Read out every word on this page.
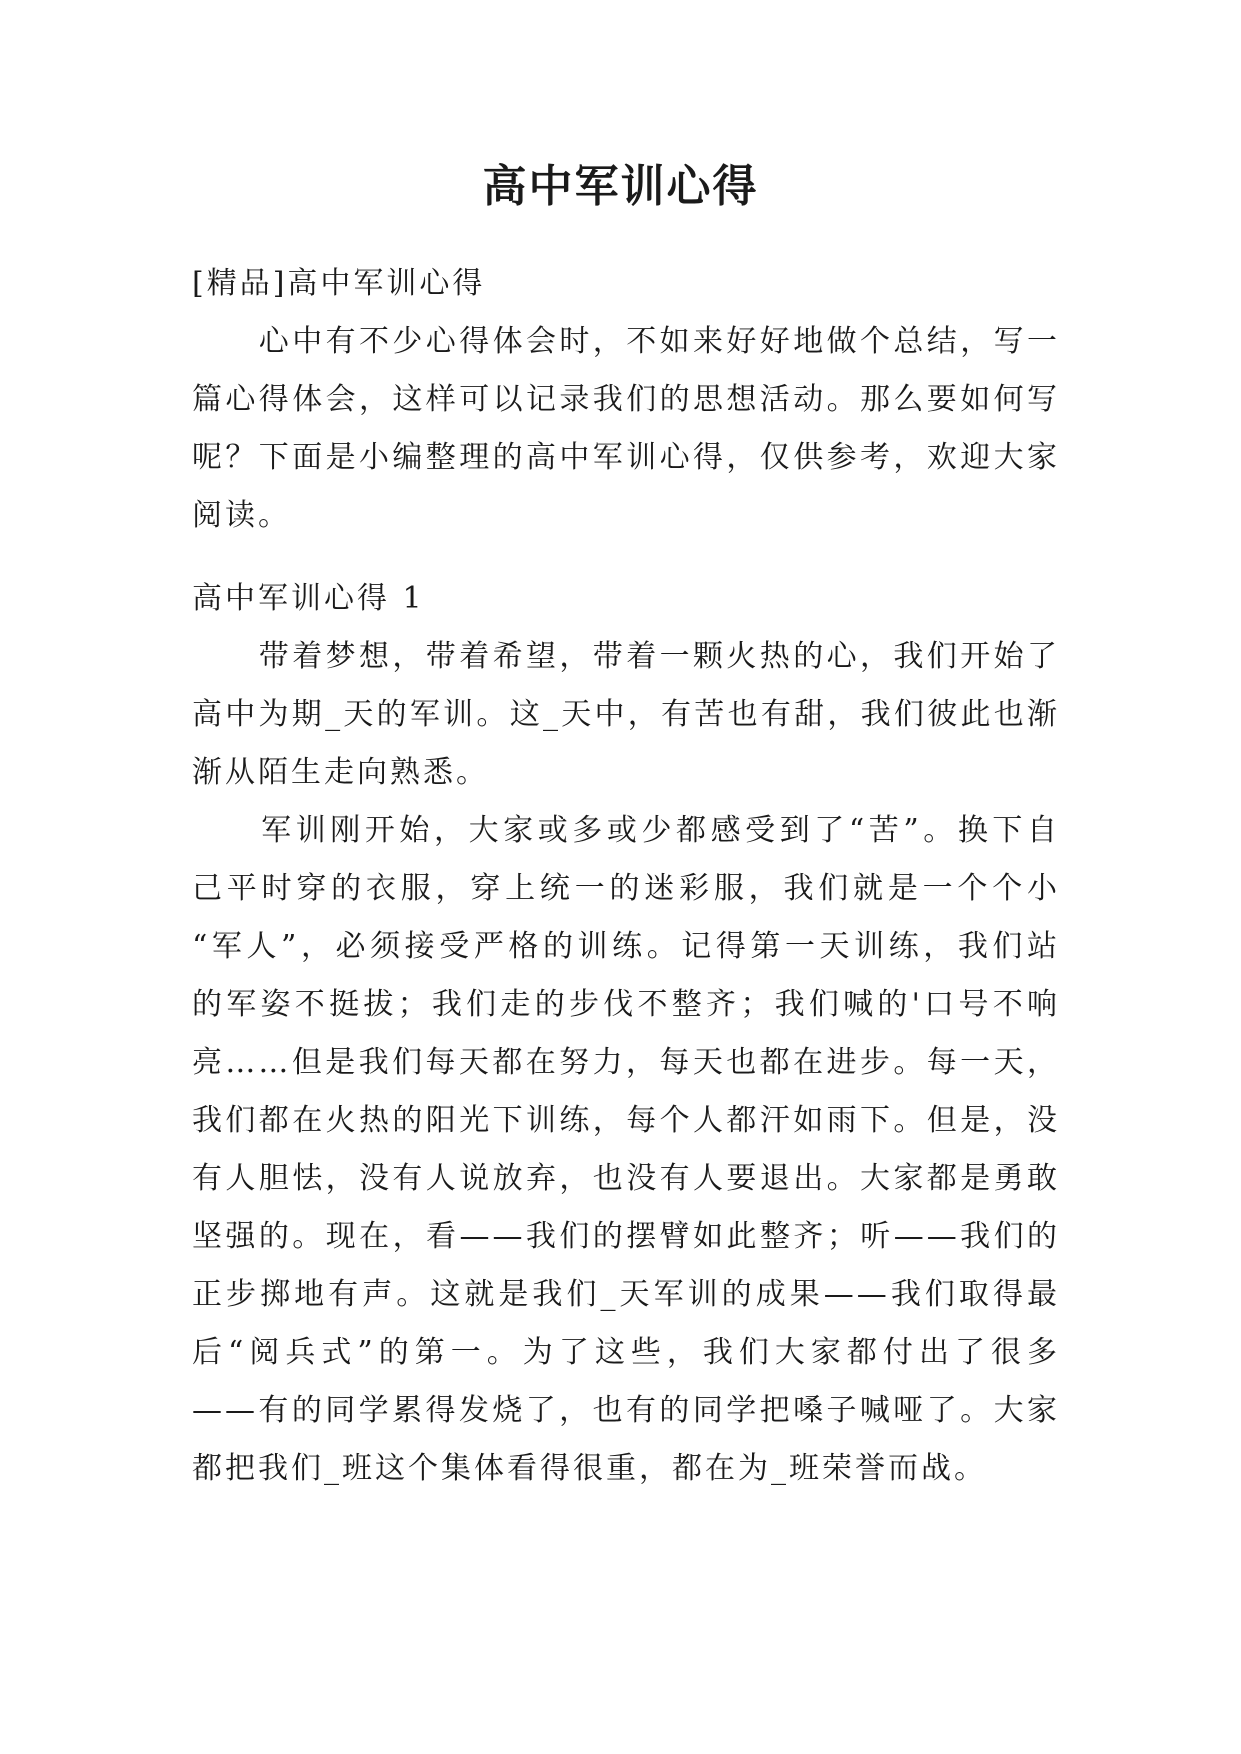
高中军训心得

[精品]高中军训心得

　　心中有不少心得体会时，不如来好好地做个总结，写一

篇心得体会，这样可以记录我们的思想活动。那么要如何写

呢？下面是小编整理的高中军训心得，仅供参考，欢迎大家

阅读。

高中军训心得 1

　　带着梦想，带着希望，带着一颗火热的心，我们开始了

高中为期_天的军训。这_天中，有苦也有甜，我们彼此也渐

渐从陌生走向熟悉。

　　军训刚开始，大家或多或少都感受到了“苦”。换下自

己平时穿的衣服，穿上统一的迷彩服，我们就是一个个小

“军人”，必须接受严格的训练。记得第一天训练，我们站

的军姿不挺拔；我们走的步伐不整齐；我们喊的'口号不响

亮……但是我们每天都在努力，每天也都在进步。每一天，

我们都在火热的阳光下训练，每个人都汗如雨下。但是，没

有人胆怯，没有人说放弃，也没有人要退出。大家都是勇敢

坚强的。现在，看——我们的摆臂如此整齐；听——我们的

正步掷地有声。这就是我们_天军训的成果——我们取得最

后“阅兵式”的第一。为了这些，我们大家都付出了很多

——有的同学累得发烧了，也有的同学把嗓子喊哑了。大家

都把我们_班这个集体看得很重，都在为_班荣誉而战。
